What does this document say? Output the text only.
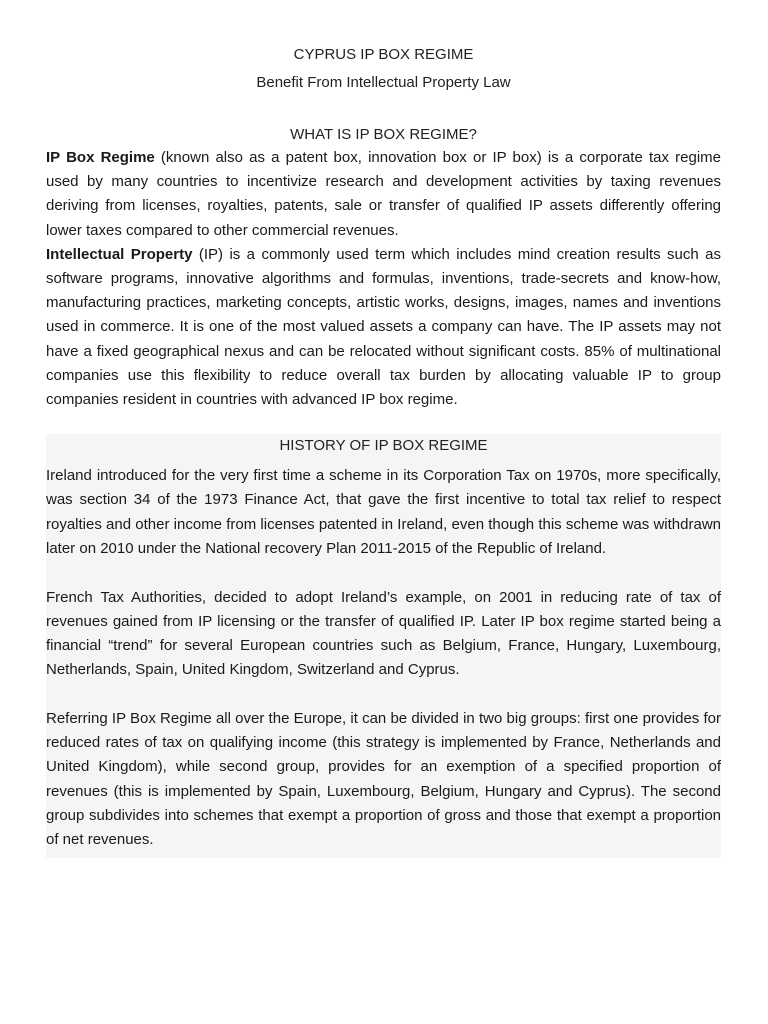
CYPRUS IP BOX REGIME
Benefit From Intellectual Property Law
WHAT IS IP BOX REGIME?

IP Box Regime (known also as a patent box, innovation box or IP box) is a corporate tax regime used by many countries to incentivize research and development activities by taxing revenues deriving from licenses, royalties, patents, sale or transfer of qualified IP assets differently offering lower taxes compared to other commercial revenues.

Intellectual Property (IP) is a commonly used term which includes mind creation results such as software programs, innovative algorithms and formulas, inventions, trade-secrets and know-how, manufacturing practices, marketing concepts, artistic works, designs, images, names and inventions used in commerce. It is one of the most valued assets a company can have. The IP assets may not have a fixed geographical nexus and can be relocated without significant costs. 85% of multinational companies use this flexibility to reduce overall tax burden by allocating valuable IP to group companies resident in countries with advanced IP box regime.

HISTORY OF IP BOX REGIME

Ireland introduced for the very first time a scheme in its Corporation Tax on 1970s, more specifically, was section 34 of the 1973 Finance Act, that gave the first incentive to total tax relief to respect royalties and other income from licenses patented in Ireland, even though this scheme was withdrawn later on 2010 under the National recovery Plan 2011-2015 of the Republic of Ireland.

French Tax Authorities, decided to adopt Ireland’s example, on 2001 in reducing rate of tax of revenues gained from IP licensing or the transfer of qualified IP. Later IP box regime started being a financial “trend” for several European countries such as Belgium, France, Hungary, Luxembourg, Netherlands, Spain, United Kingdom, Switzerland and Cyprus.

Referring IP Box Regime all over the Europe, it can be divided in two big groups: first one provides for reduced rates of tax on qualifying income (this strategy is implemented by France, Netherlands and United Kingdom), while second group, provides for an exemption of a specified proportion of revenues (this is implemented by Spain, Luxembourg, Belgium, Hungary and Cyprus). The second group subdivides into schemes that exempt a proportion of gross and those that exempt a proportion of net revenues.
